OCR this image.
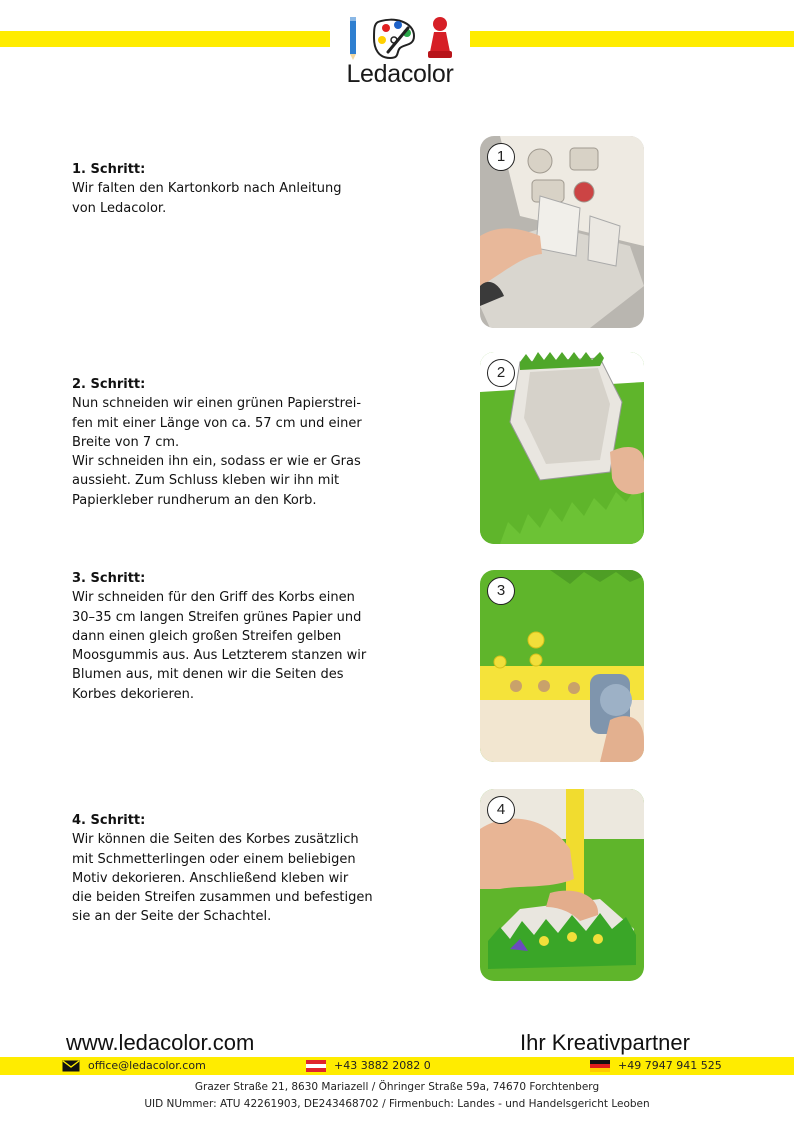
Ledacolor
1. Schritt:
Wir falten den Kartonkorb nach Anleitung
von Ledacolor.
1
2. Schritt:
Nun schneiden wir einen grünen Papierstrei-
fen mit einer Länge von ca. 57 cm und einer
Breite von 7 cm.
Wir schneiden ihn ein, sodass er wie er Gras
aussieht. Zum Schluss kleben wir ihn mit
Papierkleber rundherum an den Korb.
2
3. Schritt:
Wir schneiden für den Griff des Korbs einen
30–35 cm langen Streifen grünes Papier und
dann einen gleich großen Streifen gelben
Moosgummis aus. Aus Letzterem stanzen wir
Blumen aus, mit denen wir die Seiten des
Korbes dekorieren.
3
4. Schritt:
Wir können die Seiten des Korbes zusätzlich
mit Schmetterlingen oder einem beliebigen
Motiv dekorieren. Anschließend kleben wir
die beiden Streifen zusammen und befestigen
sie an der Seite der Schachtel.
4
www.ledacolor.com	Ihr Kreativpartner
office@ledacolor.com	+43 3882 2082 0	+49 7947 941 525
Grazer Straße 21, 8630 Mariazell / Öhringer Straße 59a, 74670 Forchtenberg
UID NUmmer: ATU 42261903, DE243468702 / Firmenbuch: Landes - und Handelsgericht Leoben
